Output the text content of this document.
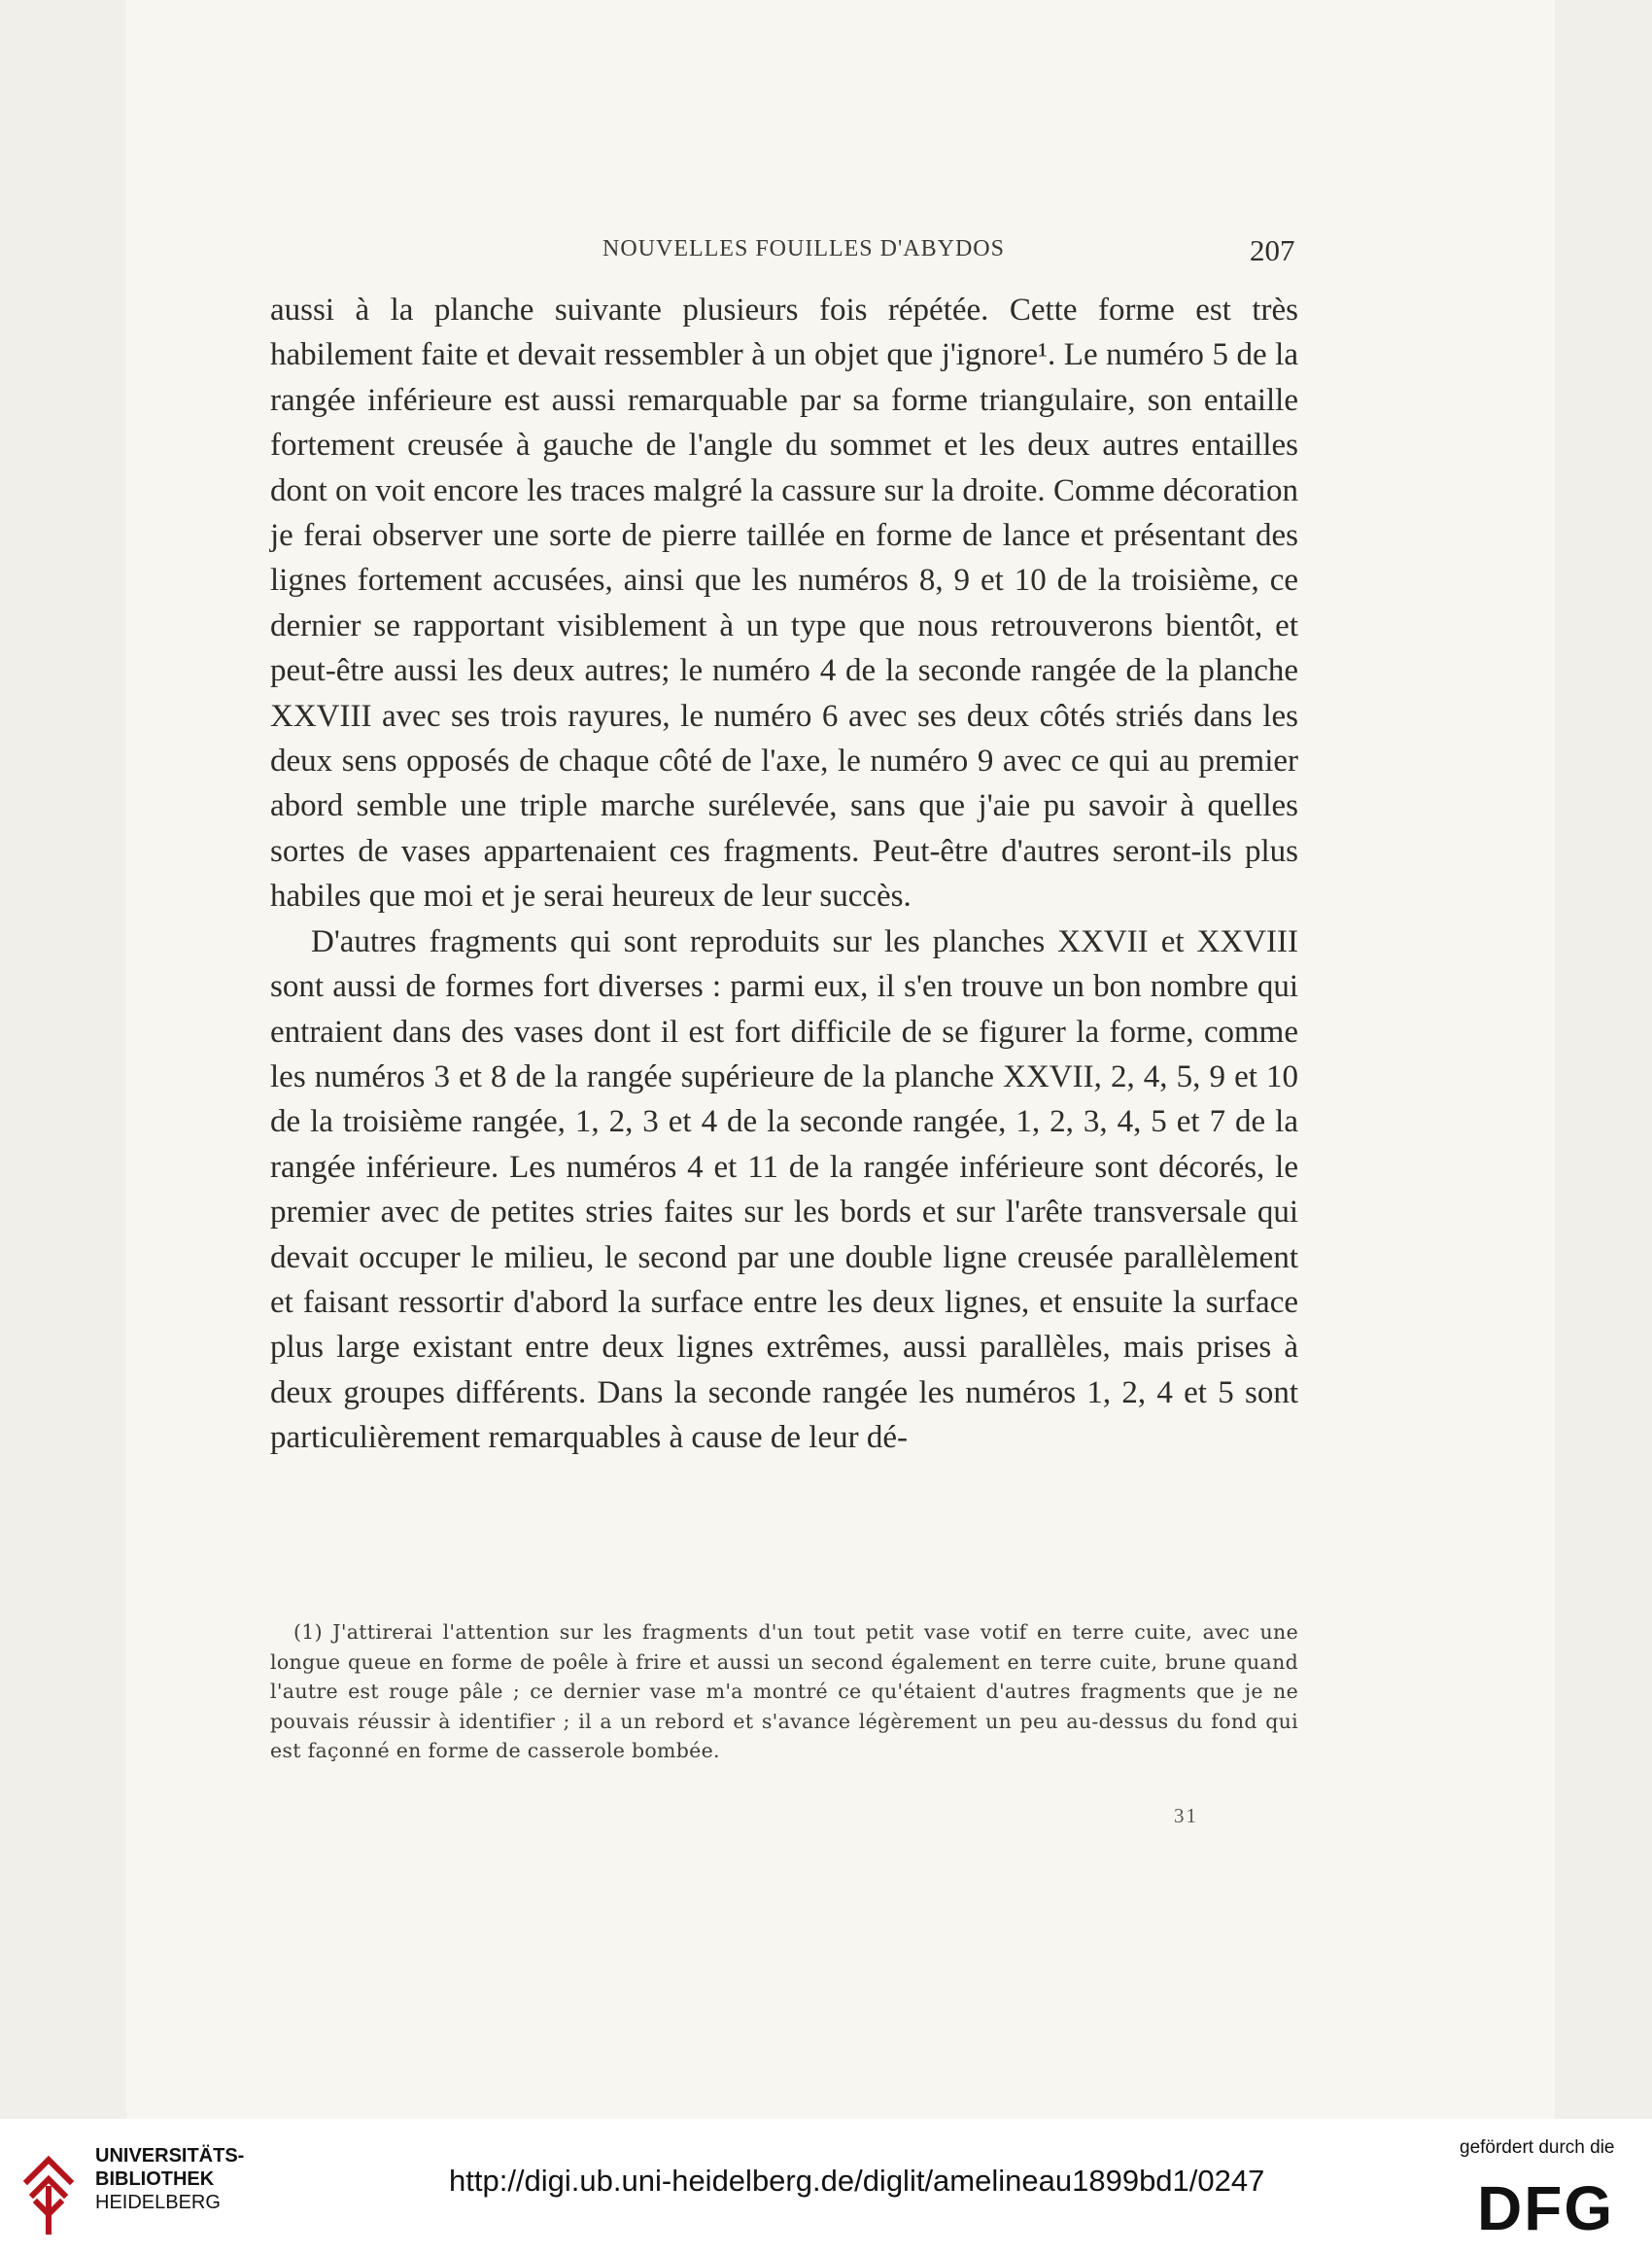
NOUVELLES FOUILLES D'ABYDOS	207

aussi à la planche suivante plusieurs fois répétée. Cette forme est très habilement faite et devait ressembler à un objet que j'ignore¹. Le numéro 5 de la rangée inférieure est aussi remarquable par sa forme triangulaire, son entaille fortement creusée à gauche de l'angle du sommet et les deux autres entailles dont on voit encore les traces malgré la cassure sur la droite. Comme décoration je ferai observer une sorte de pierre taillée en forme de lance et présentant des lignes fortement accusées, ainsi que les numéros 8, 9 et 10 de la troisième, ce dernier se rapportant visiblement à un type que nous retrouverons bientôt, et peut-être aussi les deux autres; le numéro 4 de la seconde rangée de la planche XXVIII avec ses trois rayures, le numéro 6 avec ses deux côtés striés dans les deux sens opposés de chaque côté de l'axe, le numéro 9 avec ce qui au premier abord semble une triple marche surélevée, sans que j'aie pu savoir à quelles sortes de vases appartenaient ces fragments. Peut-être d'autres seront-ils plus habiles que moi et je serai heureux de leur succès.

D'autres fragments qui sont reproduits sur les planches XXVII et XXVIII sont aussi de formes fort diverses : parmi eux, il s'en trouve un bon nombre qui entraient dans des vases dont il est fort difficile de se figurer la forme, comme les numéros 3 et 8 de la rangée supérieure de la planche XXVII, 2, 4, 5, 9 et 10 de la troisième rangée, 1, 2, 3 et 4 de la seconde rangée, 1, 2, 3, 4, 5 et 7 de la rangée inférieure. Les numéros 4 et 11 de la rangée inférieure sont décorés, le premier avec de petites stries faites sur les bords et sur l'arête transversale qui devait occuper le milieu, le second par une double ligne creusée parallèlement et faisant ressortir d'abord la surface entre les deux lignes, et ensuite la surface plus large existant entre deux lignes extrêmes, aussi parallèles, mais prises à deux groupes différents. Dans la seconde rangée les numéros 1, 2, 4 et 5 sont particulièrement remarquables à cause de leur dé-

(1) J'attirerai l'attention sur les fragments d'un tout petit vase votif en terre cuite, avec une longue queue en forme de poêle à frire et aussi un second également en terre cuite, brune quand l'autre est rouge pâle ; ce dernier vase m'a montré ce qu'étaient d'autres fragments que je ne pouvais réussir à identifier ; il a un rebord et s'avance légèrement un peu au-dessus du fond qui est façonné en forme de casserole bombée.

31
UNIVERSITÄTS-
BIBLIOTHEK
HEIDELBERG
http://digi.ub.uni-heidelberg.de/diglit/amelineau1899bd1/0247
gefördert durch die
DFG
